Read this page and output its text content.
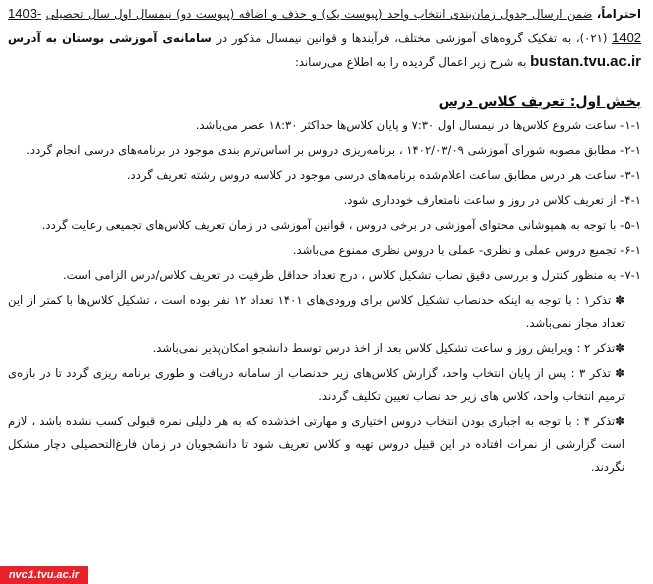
احتراماً، ضمن ارسال جدول زمان‌بندی انتخاب واحد (پیوست یک) و حذف و اضافه (پیوست دو) نیمسال اول سال تحصیلی 1403-1402 (۰۲۱)، به تفکیک گروه‌های آموزشی مختلف، فرآیندها و قوانین نیمسال مذکور در سامانه‌ی آموزشی بوستان به آدرس bustan.tvu.ac.ir به شرح زیر اعمال گردیده را به اطلاع می‌رساند:

بخش اول: تعریف کلاس درس

۱-۱- ساعت شروع کلاس‌ها در نیمسال اول ۷:۳۰ و پایان کلاس‌ها حداکثر ۱۸:۳۰ عصر می‌باشد.

۲-۱- مطابق مصوبه شورای آموزشی ۱۴۰۲/۰۳/۰۹ ، برنامه‌ریزی دروس بر اساس‌ترم بندی موجود در برنامه‌های درسی انجام گردد.

۳-۱- ساعت هر درس مطابق ساعت اعلام‌شده برنامه‌های درسی موجود در کلاسه دروس رشته تعریف گردد.

۴-۱- از تعریف کلاس در روز و ساعت نامتعارف خودداری شود.

۵-۱- با توجه به همپوشانی محتوای آموزشی در برخی دروس ، قوانین آموزشی در زمان تعریف کلاس‌های تجمیعی رعایت گردد.

۶-۱- تجمیع دروس عملی و نظری- عملی با دروس نظری ممنوع می‌باشد.

۷-۱- به منظور کنترل و بررسی دقیق نصاب تشکیل کلاس ، درج تعداد حداقل ظرفیت در تعریف کلاس/درس الزامی است.

✽ تذکر۱ : با توجه به اینکه حدنصاب تشکیل کلاس برای ورودی‌های ۱۴۰۱ تعداد ۱۲ نفر بوده است ، تشکیل کلاس‌ها با کمتر از این تعداد مجاز نمی‌باشد.

✽تذکر ۲ : ویرایش روز و ساعت تشکیل کلاس بعد از اخذ درس توسط دانشجو امکان‌پذیر نمی‌باشد.

✽ تذکر ۳ : پس از پایان انتخاب واحد، گزارش کلاس‌های زیر حدنصاب از سامانه دریافت و طوری برنامه ریزی گردد تا در بازه‌ی ترمیم انتخاب واحد، کلاس های زیر حد نصاب تعیین تکلیف گردند.

✽تذکر ۴ : با توجه به اجباری بودن انتخاب دروس اختیاری و مهارتی اخذشده که به هر دلیلی نمره قبولی کسب نشده باشد ، لازم است گزارشی از نمرات افتاده در این قبیل دروس تهیه و کلاس تعریف شود تا دانشجویان در زمان فارغ‌التحصیلی دچار مشکل نگردند.

nvc1.tvu.ac.ir
